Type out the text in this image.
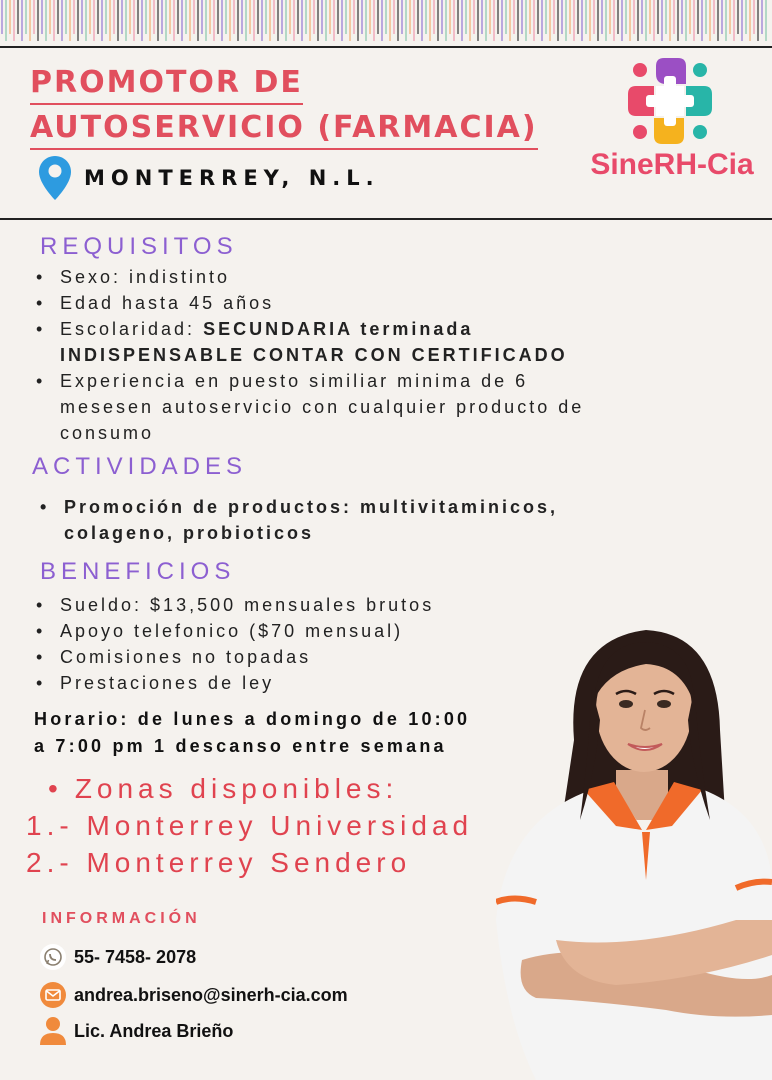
PROMOTOR DE
AUTOSERVICIO (FARMACIA)
MONTERREY, N.L.	SineRH-Cia
REQUISITOS
• Sexo: indistinto
• Edad hasta 45 años
• Escolaridad: SECUNDARIA terminada
INDISPENSABLE CONTAR CON CERTIFICADO
• Experiencia en puesto similiar minima de 6
mesesen autoservicio con cualquier producto de
consumo
ACTIVIDADES
• Promoción de productos: multivitaminicos,
colageno, probioticos
BENEFICIOS
• Sueldo: $13,500 mensuales brutos
• Apoyo telefonico ($70 mensual)
• Comisiones no topadas
• Prestaciones de ley
Horario: de lunes a domingo de 10:00
a 7:00 pm 1 descanso entre semana
• Zonas disponibles:
1.- Monterrey Universidad
2.- Monterrey Sendero
INFORMACIÓN
55- 7458- 2078
andrea.briseno@sinerh-cia.com
Lic. Andrea Brieño
